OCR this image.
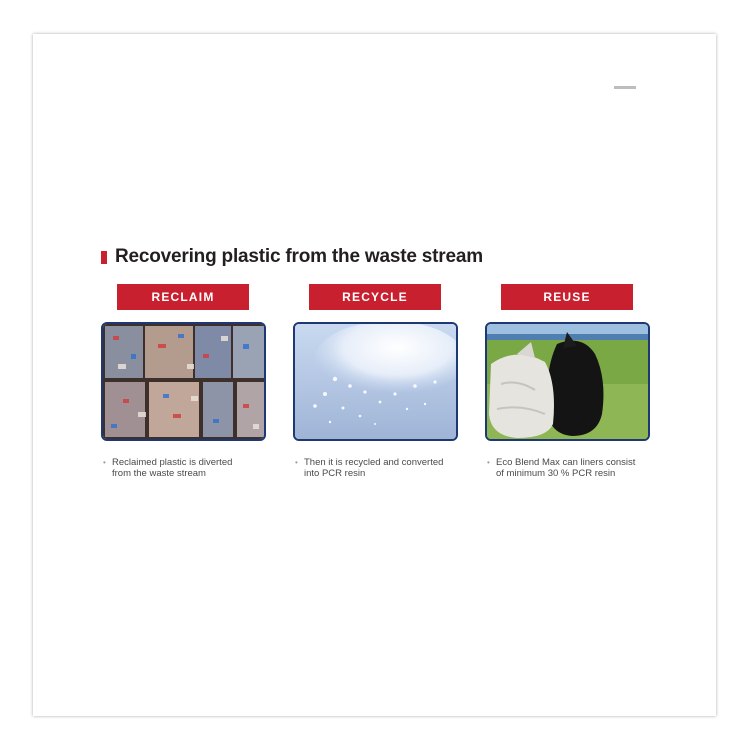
Recovering plastic from the waste stream
RECLAIM
• Reclaimed plastic is diverted
from the waste stream
RECYCLE
• Then it is recycled and converted
into PCR resin
REUSE
• Eco Blend Max can liners consist
of minimum 30 % PCR resin
